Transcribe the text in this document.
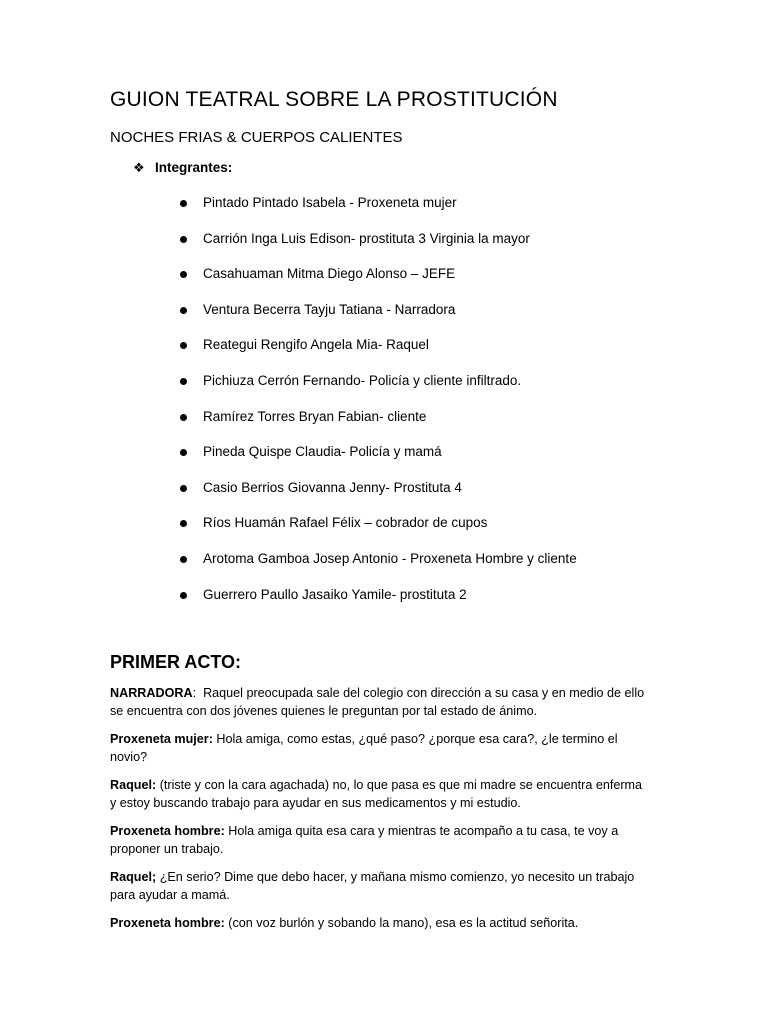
GUION TEATRAL SOBRE LA PROSTITUCIÓN
NOCHES FRIAS & CUERPOS CALIENTES
❖ Integrantes:
Pintado Pintado Isabela - Proxeneta mujer
Carrión Inga Luis Edison- prostituta 3 Virginia la mayor
Casahuaman Mitma Diego Alonso – JEFE
Ventura Becerra Tayju Tatiana - Narradora
Reategui Rengifo Angela Mia- Raquel
Pichiuza Cerrón Fernando- Policía y cliente infiltrado.
Ramírez Torres Bryan Fabian- cliente
Pineda Quispe Claudia- Policía y mamá
Casio Berrios Giovanna Jenny- Prostituta 4
Ríos Huamán Rafael Félix – cobrador de cupos
Arotoma Gamboa Josep Antonio - Proxeneta Hombre y cliente
Guerrero Paullo Jasaiko Yamile- prostituta 2
PRIMER ACTO:

NARRADORA:  Raquel preocupada sale del colegio con dirección a su casa y en medio de ello se encuentra con dos jóvenes quienes le preguntan por tal estado de ánimo.

Proxeneta mujer: Hola amiga, como estas, ¿qué paso? ¿porque esa cara?, ¿le termino el novio?

Raquel: (triste y con la cara agachada) no, lo que pasa es que mi madre se encuentra enferma y estoy buscando trabajo para ayudar en sus medicamentos y mi estudio.

Proxeneta hombre: Hola amiga quita esa cara y mientras te acompaño a tu casa, te voy a proponer un trabajo.

Raquel; ¿En serio? Dime que debo hacer, y mañana mismo comienzo, yo necesito un trabajo para ayudar a mamá.

Proxeneta hombre: (con voz burlón y sobando la mano), esa es la actitud señorita.
